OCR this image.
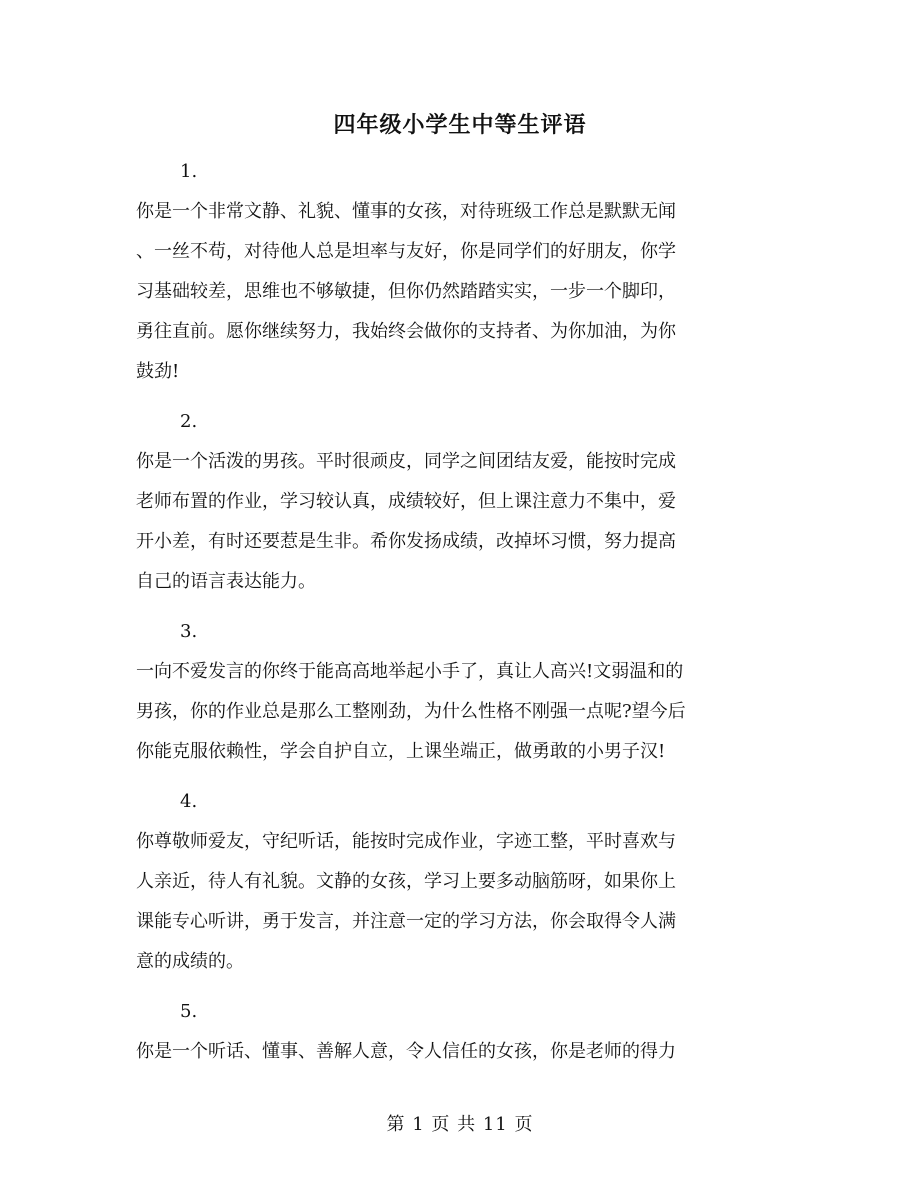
四年级小学生中等生评语

1.

你是一个非常文静、礼貌、懂事的女孩，对待班级工作总是默默无闻
、一丝不苟，对待他人总是坦率与友好，你是同学们的好朋友，你学
习基础较差，思维也不够敏捷，但你仍然踏踏实实，一步一个脚印，
勇往直前。愿你继续努力，我始终会做你的支持者、为你加油，为你
鼓劲!

2.

你是一个活泼的男孩。平时很顽皮，同学之间团结友爱，能按时完成
老师布置的作业，学习较认真，成绩较好，但上课注意力不集中，爱
开小差，有时还要惹是生非。希你发扬成绩，改掉坏习惯，努力提高
自己的语言表达能力。

3.

一向不爱发言的你终于能高高地举起小手了，真让人高兴!文弱温和的
男孩，你的作业总是那么工整刚劲，为什么性格不刚强一点呢?望今后
你能克服依赖性，学会自护自立，上课坐端正，做勇敢的小男子汉!

4.

你尊敬师爱友，守纪听话，能按时完成作业，字迹工整，平时喜欢与
人亲近，待人有礼貌。文静的女孩，学习上要多动脑筋呀，如果你上
课能专心听讲，勇于发言，并注意一定的学习方法，你会取得令人满
意的成绩的。

5.

你是一个听话、懂事、善解人意，令人信任的女孩，你是老师的得力

第 1 页 共 11 页
